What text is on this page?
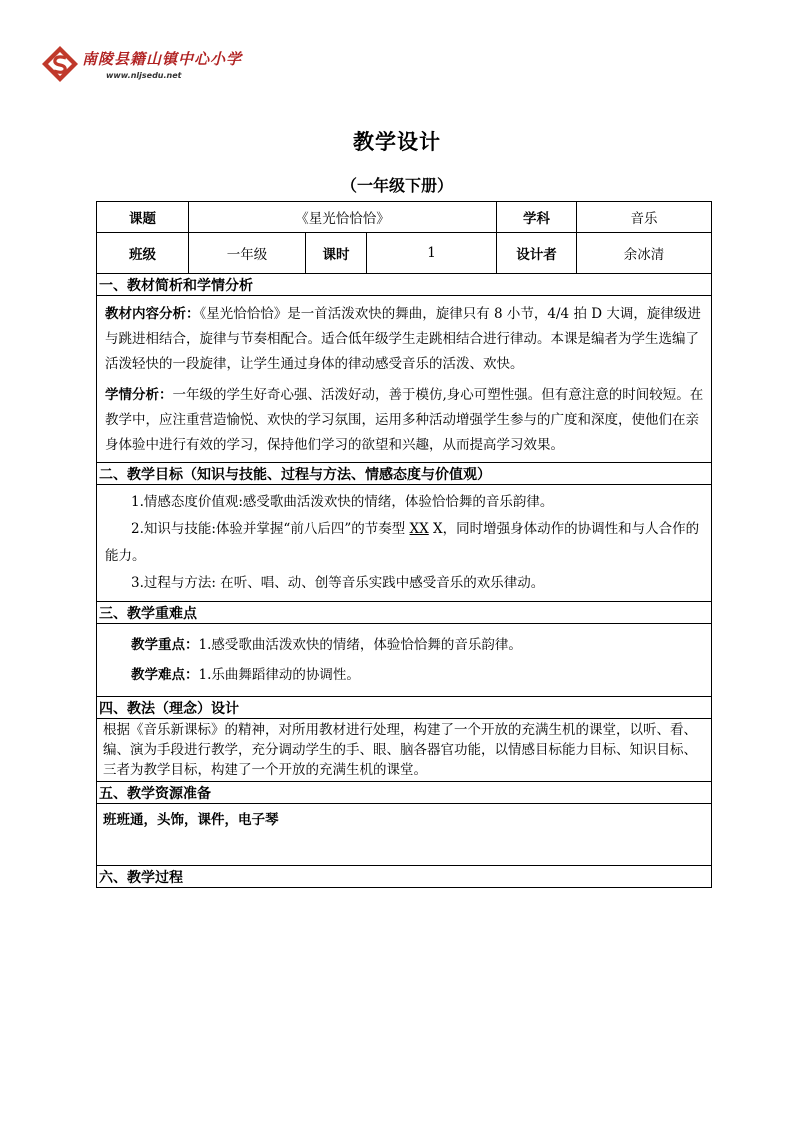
南陵县籍山镇中心小学
www.nljsedu.net
教学设计
（一年级下册）
课题	《星光恰恰恰》			学科	音乐
班级	一年级	课时	1	设计者	余冰清
一、教材简析和学情分析					

教材内容分析：《星光恰恰恰》是一首活泼欢快的舞曲，旋律只有 8 小节，4/4 拍 D 大调，旋律级进与跳进相结合，旋律与节奏相配合。适合低年级学生走跳相结合进行律动。本课是编者为学生选编了活泼轻快的一段旋律，让学生通过身体的律动感受音乐的活泼、欢快。
学情分析：一年级的学生好奇心强、活泼好动，善于模仿,身心可塑性强。但有意注意的时间较短。在教学中，应注重营造愉悦、欢快的学习氛围，运用多种活动增强学生参与的广度和深度，使他们在亲身体验中进行有效的学习，保持他们学习的欲望和兴趣，从而提高学习效果。					

二、教学目标（知识与技能、过程与方法、情感态度与价值观）					

1.情感态度价值观:感受歌曲活泼欢快的情绪，体验恰恰舞的音乐韵律。
2.知识与技能:体验并掌握“前八后四”的节奏型 XX X，同时增强身体动作的协调性和与人合作的能力。
3.过程与方法: 在听、唱、动、创等音乐实践中感受音乐的欢乐律动。					

三、教学重难点					

教学重点：1.感受歌曲活泼欢快的情绪，体验恰恰舞的音乐韵律。
教学难点：1.乐曲舞蹈律动的协调性。					

四、教法（理念）设计					

根据《音乐新课标》的精神，对所用教材进行处理，构建了一个开放的充满生机的课堂，以听、看、编、演为手段进行教学，充分调动学生的手、眼、脑各器官功能，以情感目标能力目标、知识目标、三者为教学目标，构建了一个开放的充满生机的课堂。					

五、教学资源准备					
班班通，头饰，课件，电子琴					
六、教学过程					
